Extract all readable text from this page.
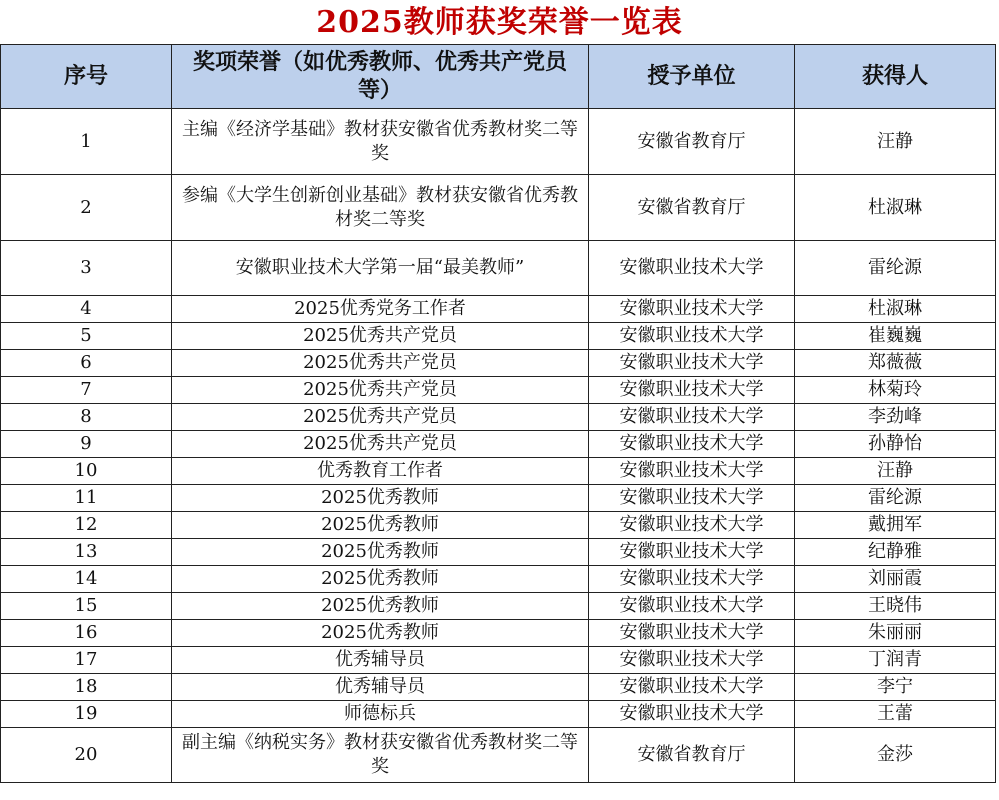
2025教师获奖荣誉一览表
序号	奖项荣誉（如优秀教师、优秀共产党员等）	授予单位	获得人
1	主编《经济学基础》教材获安徽省优秀教材奖二等奖	安徽省教育厅	汪静
2	参编《大学生创新创业基础》教材获安徽省优秀教材奖二等奖	安徽省教育厅	杜淑琳
3	安徽职业技术大学第一届“最美教师”	安徽职业技术大学	雷纶源
4	2025优秀党务工作者	安徽职业技术大学	杜淑琳
5	2025优秀共产党员	安徽职业技术大学	崔巍巍
6	2025优秀共产党员	安徽职业技术大学	郑薇薇
7	2025优秀共产党员	安徽职业技术大学	林菊玲
8	2025优秀共产党员	安徽职业技术大学	李劲峰
9	2025优秀共产党员	安徽职业技术大学	孙静怡
10	优秀教育工作者	安徽职业技术大学	汪静
11	2025优秀教师	安徽职业技术大学	雷纶源
12	2025优秀教师	安徽职业技术大学	戴拥军
13	2025优秀教师	安徽职业技术大学	纪静雅
14	2025优秀教师	安徽职业技术大学	刘丽霞
15	2025优秀教师	安徽职业技术大学	王晓伟
16	2025优秀教师	安徽职业技术大学	朱丽丽
17	优秀辅导员	安徽职业技术大学	丁润青
18	优秀辅导员	安徽职业技术大学	李宁
19	师德标兵	安徽职业技术大学	王蕾
20	副主编《纳税实务》教材获安徽省优秀教材奖二等奖	安徽省教育厅	金莎
